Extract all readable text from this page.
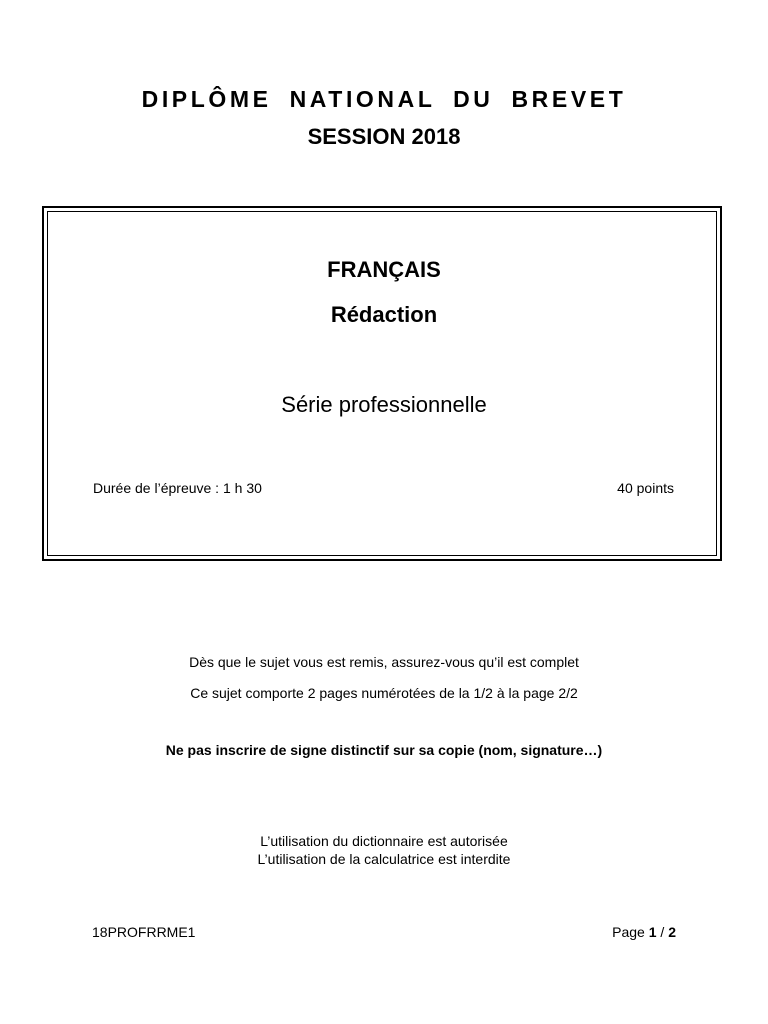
DIPLÔME NATIONAL DU BREVET
SESSION 2018
FRANÇAIS
Rédaction
Série professionnelle
Durée de l’épreuve : 1 h 30	40 points
Dès que le sujet vous est remis, assurez-vous qu’il est complet
Ce sujet comporte 2 pages numérotées de la 1/2 à la page 2/2
Ne pas inscrire de signe distinctif sur sa copie (nom, signature…)
L’utilisation du dictionnaire est autorisée
L’utilisation de la calculatrice est interdite
18PROFRRME1	Page 1 / 2
